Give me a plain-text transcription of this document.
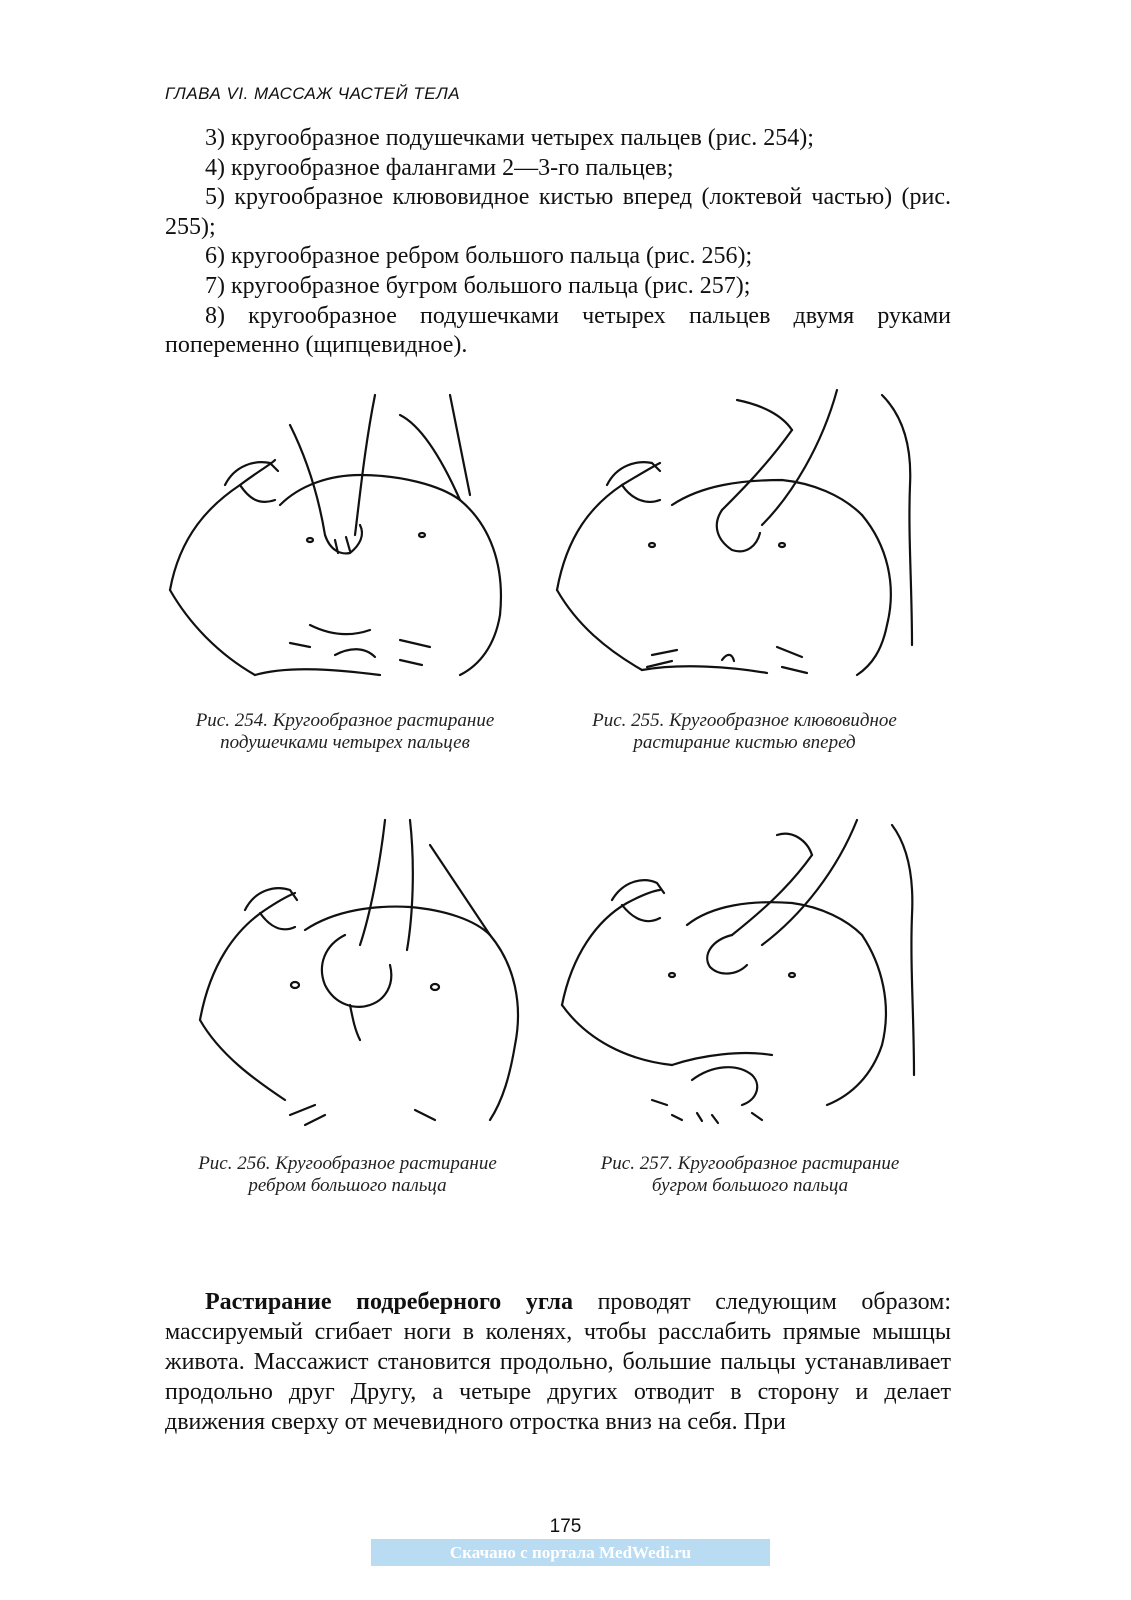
ГЛАВА VI. МАССАЖ ЧАСТЕЙ ТЕЛА

3) кругообразное подушечками четырех пальцев (рис. 254);

4) кругообразное фалангами 2—3-го пальцев;

5) кругообразное клювовидное кистью вперед (локтевой частью) (рис. 255);

6) кругообразное ребром большого пальца (рис. 256);

7) кругообразное бугром большого пальца (рис. 257);

8) кругообразное подушечками четырех пальцев двумя руками попеременно (щипцевидное).

Рис. 254. Кругообразное растирание подушечками четырех пальцев
Рис. 255. Кругообразное клювовидное растирание кистью вперед
Рис. 256. Кругообразное растирание ребром большого пальца
Рис. 257. Кругообразное растирание бугром большого пальца

Растирание подреберного угла проводят следующим образом: массируемый сгибает ноги в коленях, чтобы расслабить прямые мышцы живота. Массажист становится продольно, большие пальцы устанавливает продольно друг Другу, а четыре других отводит в сторону и делает движения сверху от мечевидного отростка вниз на себя. При

175
Скачано с портала MedWedi.ru
